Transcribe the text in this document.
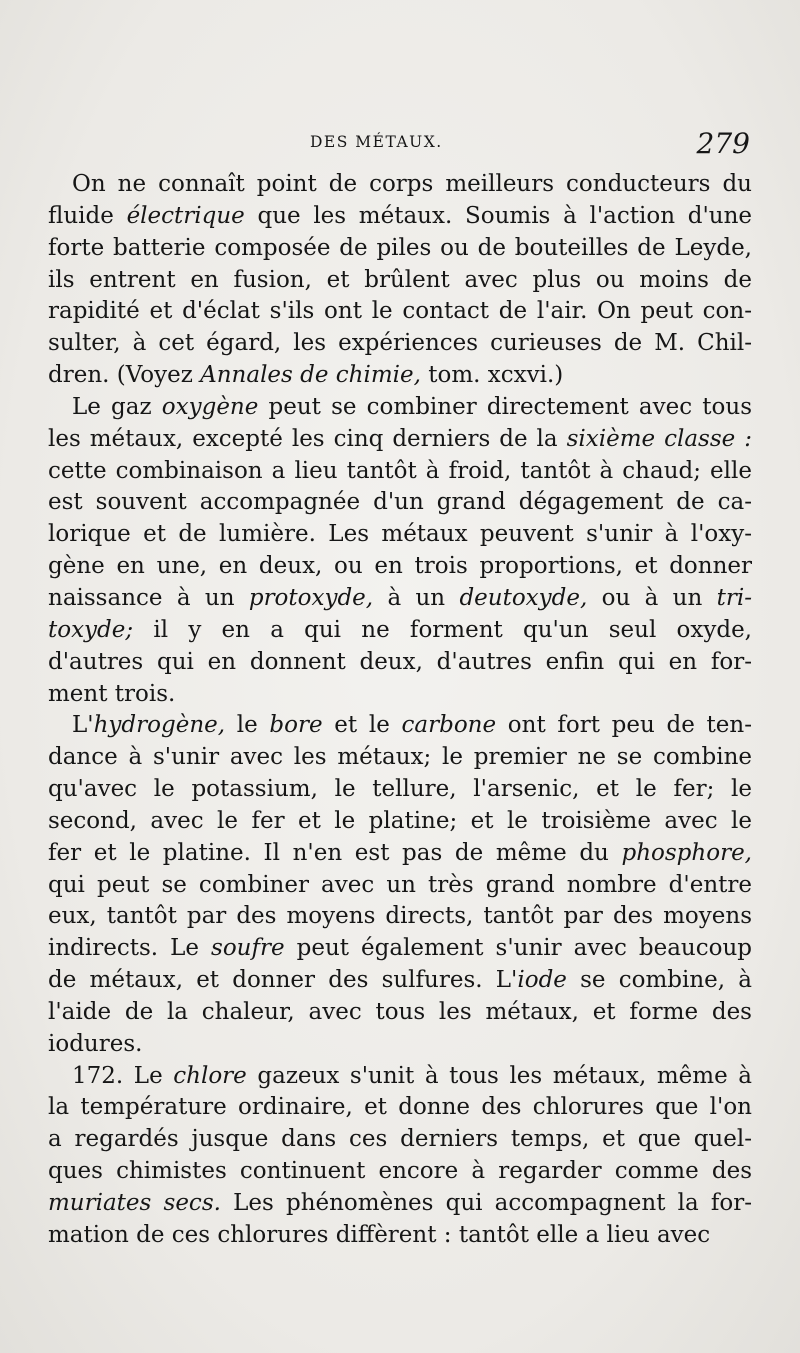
DES MÉTAUX.	279
On ne connaît point de corps meilleurs conducteurs du
fluide électrique que les métaux. Soumis à l'action d'une
forte batterie composée de piles ou de bouteilles de Leyde,
ils entrent en fusion, et brûlent avec plus ou moins de
rapidité et d'éclat s'ils ont le contact de l'air. On peut con-
sulter, à cet égard, les expériences curieuses de M. Chil-
dren. (Voyez Annales de chimie, tom. xcxvi.)
Le gaz oxygène peut se combiner directement avec tous
les métaux, excepté les cinq derniers de la sixième classe :
cette combinaison a lieu tantôt à froid, tantôt à chaud; elle
est souvent accompagnée d'un grand dégagement de ca-
lorique et de lumière. Les métaux peuvent s'unir à l'oxy-
gène en une, en deux, ou en trois proportions, et donner
naissance à un protoxyde, à un deutoxyde, ou à un tri-
toxyde; il y en a qui ne forment qu'un seul oxyde,
d'autres qui en donnent deux, d'autres enfin qui en for-
ment trois.
L'hydrogène, le bore et le carbone ont fort peu de ten-
dance à s'unir avec les métaux; le premier ne se combine
qu'avec le potassium, le tellure, l'arsenic, et le fer; le
second, avec le fer et le platine; et le troisième avec le
fer et le platine. Il n'en est pas de même du phosphore,
qui peut se combiner avec un très grand nombre d'entre
eux, tantôt par des moyens directs, tantôt par des moyens
indirects. Le soufre peut également s'unir avec beaucoup
de métaux, et donner des sulfures. L'iode se combine, à
l'aide de la chaleur, avec tous les métaux, et forme des
iodures.
172. Le chlore gazeux s'unit à tous les métaux, même à
la température ordinaire, et donne des chlorures que l'on
a regardés jusque dans ces derniers temps, et que quel-
ques chimistes continuent encore à regarder comme des
muriates secs. Les phénomènes qui accompagnent la for-
mation de ces chlorures diffèrent : tantôt elle a lieu avec
